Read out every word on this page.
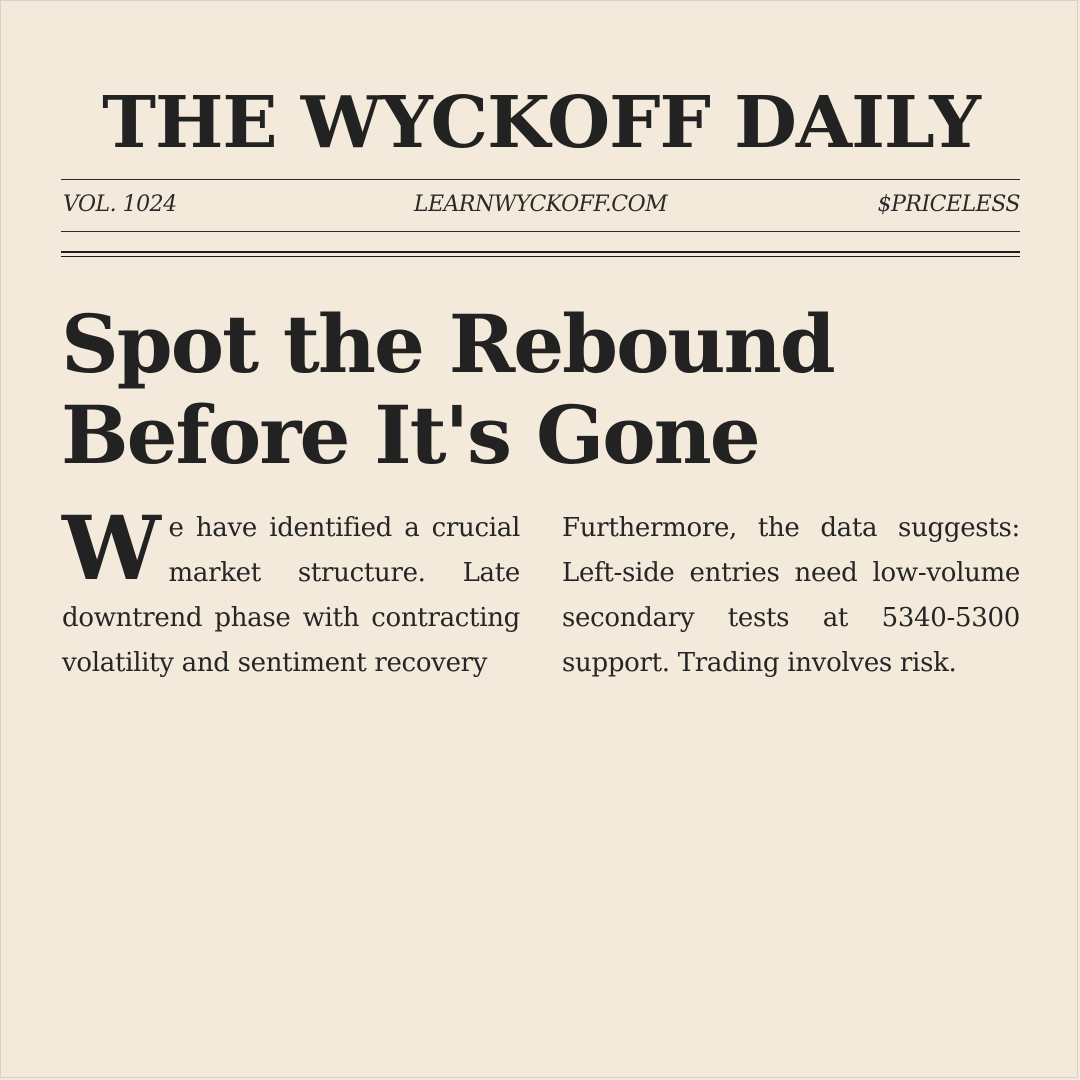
THE WYCKOFF DAILY
VOL. 1024	LEARNWYCKOFF.COM	$PRICELESS
Spot the Rebound
Before It's Gone
We have identified a crucial market structure. Late downtrend phase with contracting volatility and sentiment recovery
Furthermore, the data suggests: Left-side entries need low-volume secondary tests at 5340-5300 support. Trading involves risk.
